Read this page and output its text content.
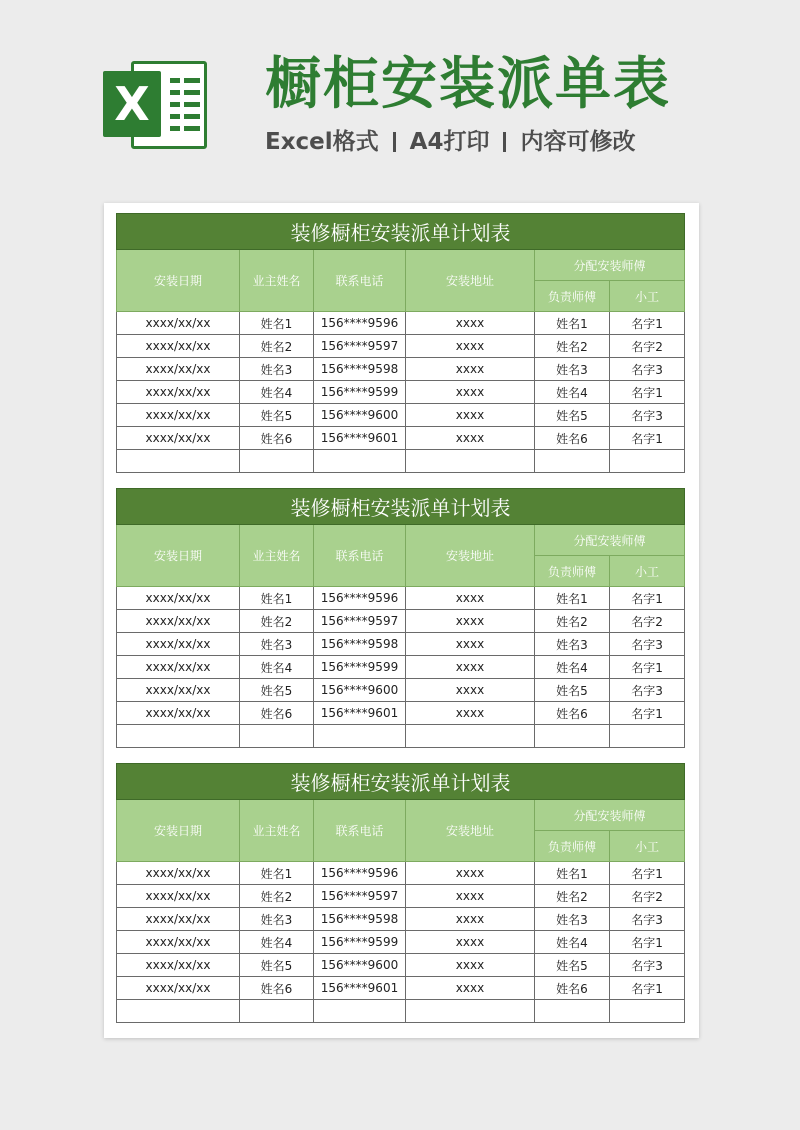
X 橱柜安装派单表
Excel格式 A4打印 内容可修改
装修橱柜安装派单计划表					
安装日期	业主姓名	联系电话	安装地址	分配安装师傅	
				负责师傅	小工
xxxx/xx/xx	姓名1	156****9596	xxxx	姓名1	名字1
xxxx/xx/xx	姓名2	156****9597	xxxx	姓名2	名字2
xxxx/xx/xx	姓名3	156****9598	xxxx	姓名3	名字3
xxxx/xx/xx	姓名4	156****9599	xxxx	姓名4	名字1
xxxx/xx/xx	姓名5	156****9600	xxxx	姓名5	名字3
xxxx/xx/xx	姓名6	156****9601	xxxx	姓名6	名字1

装修橱柜安装派单计划表					
安装日期	业主姓名	联系电话	安装地址	分配安装师傅	
				负责师傅	小工
xxxx/xx/xx	姓名1	156****9596	xxxx	姓名1	名字1
xxxx/xx/xx	姓名2	156****9597	xxxx	姓名2	名字2
xxxx/xx/xx	姓名3	156****9598	xxxx	姓名3	名字3
xxxx/xx/xx	姓名4	156****9599	xxxx	姓名4	名字1
xxxx/xx/xx	姓名5	156****9600	xxxx	姓名5	名字3
xxxx/xx/xx	姓名6	156****9601	xxxx	姓名6	名字1

装修橱柜安装派单计划表					
安装日期	业主姓名	联系电话	安装地址	分配安装师傅	
				负责师傅	小工
xxxx/xx/xx	姓名1	156****9596	xxxx	姓名1	名字1
xxxx/xx/xx	姓名2	156****9597	xxxx	姓名2	名字2
xxxx/xx/xx	姓名3	156****9598	xxxx	姓名3	名字3
xxxx/xx/xx	姓名4	156****9599	xxxx	姓名4	名字1
xxxx/xx/xx	姓名5	156****9600	xxxx	姓名5	名字3
xxxx/xx/xx	姓名6	156****9601	xxxx	姓名6	名字1
